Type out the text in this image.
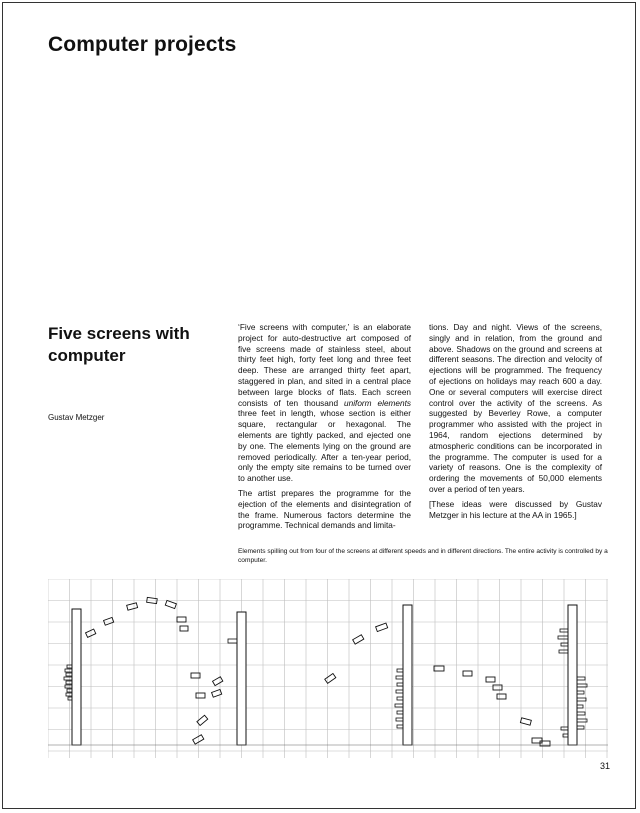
Computer projects
Five screens with computer
Gustav Metzger

‘Five screens with computer,’ is an elaborate project for auto-destructive art composed of five screens made of stainless steel, about thirty feet high, forty feet long and three feet deep. These are arranged thirty feet apart, staggered in plan, and sited in a central place between large blocks of flats. Each screen consists of ten thousand uniform elements three feet in length, whose section is either square, rectangular or hexagonal. The elements are tightly packed, and ejected one by one. The elements lying on the ground are removed periodically. After a ten-year period, only the empty site remains to be turned over to another use.

The artist prepares the programme for the ejection of the elements and disintegration of the frame. Numerous factors determine the programme. Technical demands and limita-

tions. Day and night. Views of the screens, singly and in relation, from the ground and above. Shadows on the ground and screens at different seasons. The direction and velocity of ejections will be programmed. The frequency of ejections on holidays may reach 600 a day. One or several computers will exercise direct control over the activity of the screens. As suggested by Beverley Rowe, a computer programmer who assisted with the project in 1964, random ejections determined by atmospheric conditions can be incorporated in the programme. The computer is used for a variety of reasons. One is the complexity of ordering the movements of 50,000 elements over a period of ten years.

[These ideas were discussed by Gustav Metzger in his lecture at the AA in 1965.]

Elements spilling out from four of the screens at different speeds and in different directions. The entire activity is controlled by a computer.
31
